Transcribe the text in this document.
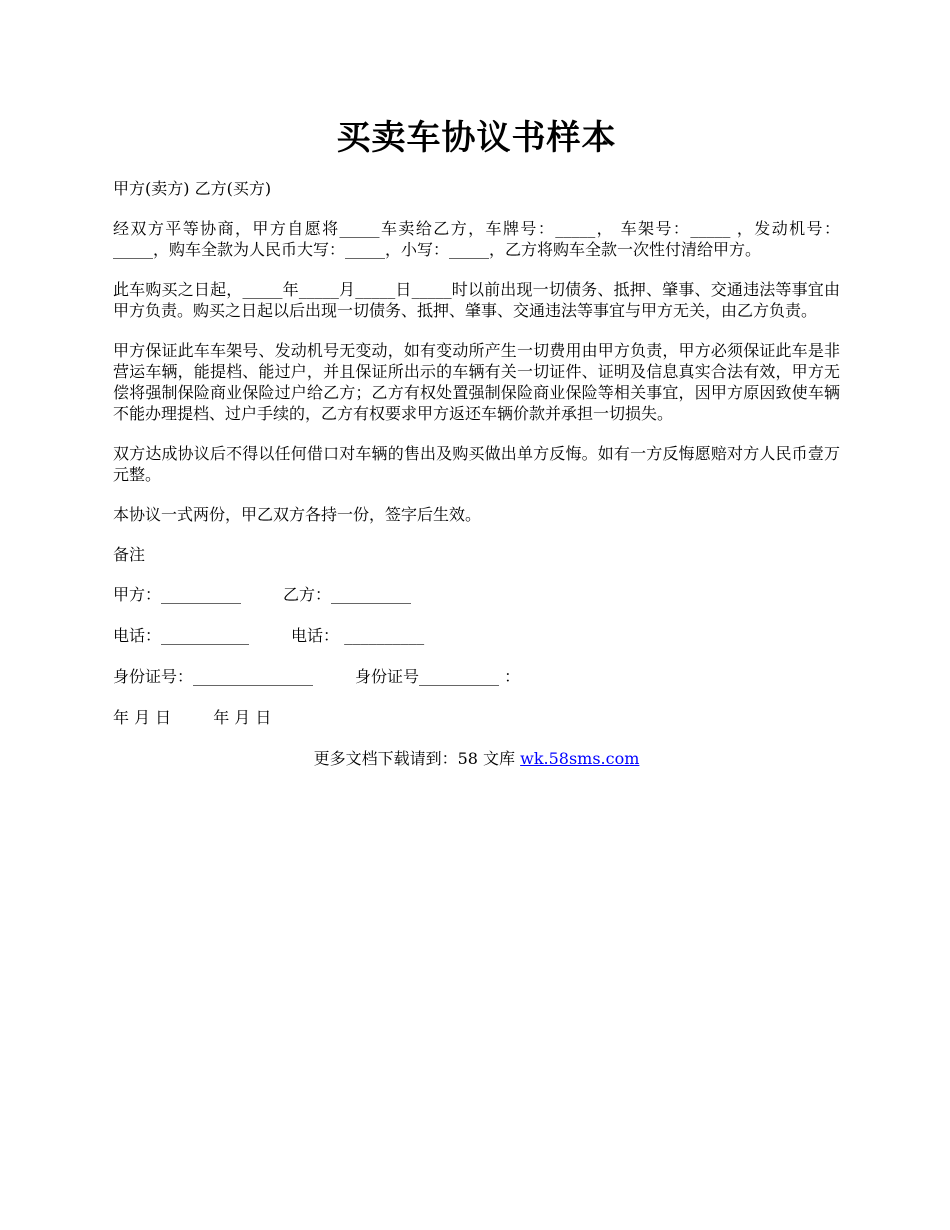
买卖车协议书样本

甲方(卖方) 乙方(买方)

经双方平等协商，甲方自愿将_____车卖给乙方，车牌号：_____， 车架号：_____ ，发动机号：_____，购车全款为人民币大写：_____，小写：_____，乙方将购车全款一次性付清给甲方。

此车购买之日起，_____年_____月_____日_____时以前出现一切债务、抵押、肇事、交通违法等事宜由甲方负责。购买之日起以后出现一切债务、抵押、肇事、交通违法等事宜与甲方无关，由乙方负责。

甲方保证此车车架号、发动机号无变动，如有变动所产生一切费用由甲方负责，甲方必须保证此车是非营运车辆，能提档、能过户，并且保证所出示的车辆有关一切证件、证明及信息真实合法有效，甲方无偿将强制保险商业保险过户给乙方；乙方有权处置强制保险商业保险等相关事宜，因甲方原因致使车辆不能办理提档、过户手续的，乙方有权要求甲方返还车辆价款并承担一切损失。

双方达成协议后不得以任何借口对车辆的售出及购买做出单方反悔。如有一方反悔愿赔对方人民币壹万元整。

本协议一式两份，甲乙双方各持一份，签字后生效。

备注

甲方：__________	乙方：__________
电话：___________	电话： __________
身份证号：_______________	身份证号__________ ：
年 月 日	年 月 日
更多文档下载请到：58 文库 wk.58sms.com
